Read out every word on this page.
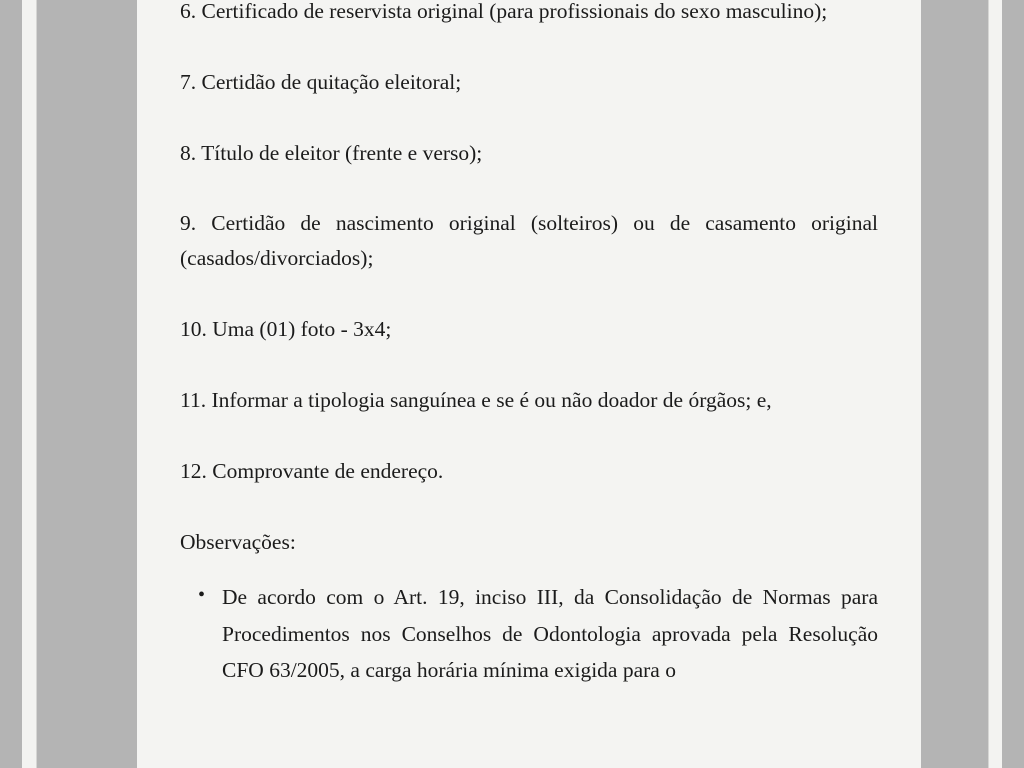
6. Certificado de reservista original (para profissionais do sexo masculino);

7. Certidão de quitação eleitoral;

8. Título de eleitor (frente e verso);

9. Certidão de nascimento original (solteiros) ou de casamento original (casados/divorciados);

10. Uma (01) foto - 3x4;

11. Informar a tipologia sanguínea e se é ou não doador de órgãos; e,

12. Comprovante de endereço.

Observações:

• De acordo com o Art. 19, inciso III, da Consolidação de Normas para Procedimentos nos Conselhos de Odontologia aprovada pela Resolução CFO 63/2005, a carga horária mínima exigida para o
